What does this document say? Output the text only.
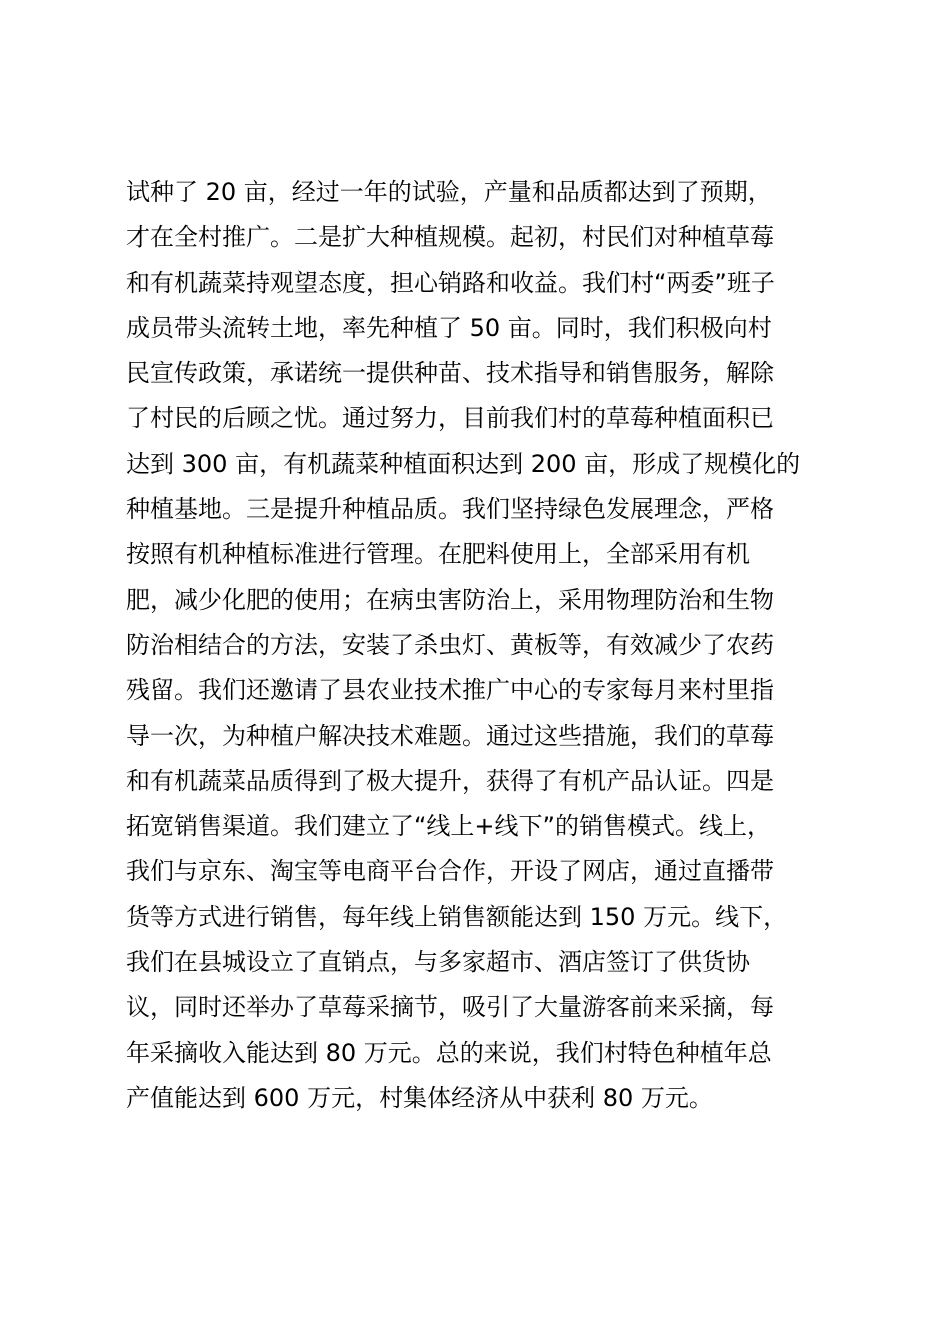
试种了 20 亩，经过一年的试验，产量和品质都达到了预期，
才在全村推广。二是扩大种植规模。起初，村民们对种植草莓
和有机蔬菜持观望态度，担心销路和收益。我们村“两委”班子
成员带头流转土地，率先种植了 50 亩。同时，我们积极向村
民宣传政策，承诺统一提供种苗、技术指导和销售服务，解除
了村民的后顾之忧。通过努力，目前我们村的草莓种植面积已
达到 300 亩，有机蔬菜种植面积达到 200 亩，形成了规模化的
种植基地。三是提升种植品质。我们坚持绿色发展理念，严格
按照有机种植标准进行管理。在肥料使用上，全部采用有机
肥，减少化肥的使用；在病虫害防治上，采用物理防治和生物
防治相结合的方法，安装了杀虫灯、黄板等，有效减少了农药
残留。我们还邀请了县农业技术推广中心的专家每月来村里指
导一次，为种植户解决技术难题。通过这些措施，我们的草莓
和有机蔬菜品质得到了极大提升，获得了有机产品认证。四是
拓宽销售渠道。我们建立了“线上+线下”的销售模式。线上，
我们与京东、淘宝等电商平台合作，开设了网店，通过直播带
货等方式进行销售，每年线上销售额能达到 150 万元。线下，
我们在县城设立了直销点，与多家超市、酒店签订了供货协
议，同时还举办了草莓采摘节，吸引了大量游客前来采摘，每
年采摘收入能达到 80 万元。总的来说，我们村特色种植年总
产值能达到 600 万元，村集体经济从中获利 80 万元。
